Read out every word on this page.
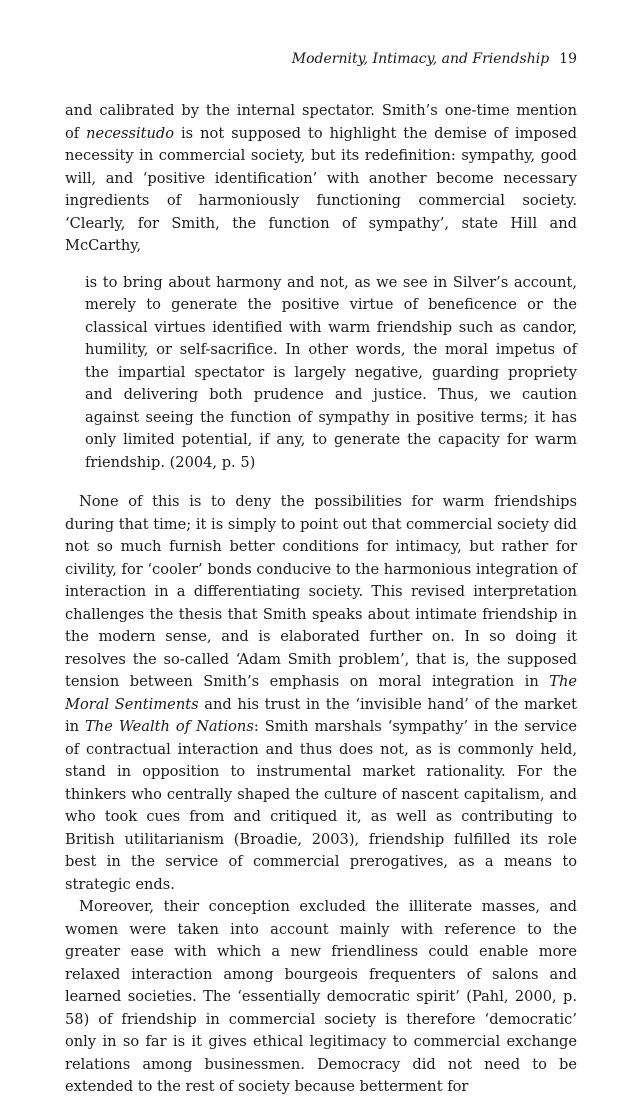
Modernity, Intimacy, and Friendship 19

and calibrated by the internal spectator. Smith’s one-time mention of necessitudo is not supposed to highlight the demise of imposed necessity in commercial society, but its redefinition: sympathy, good will, and ‘positive identification’ with another become necessary ingredients of harmoniously functioning commercial society. ‘Clearly, for Smith, the function of sympathy’, state Hill and McCarthy,

is to bring about harmony and not, as we see in Silver’s account, merely to generate the positive virtue of beneficence or the classical virtues identified with warm friendship such as candor, humility, or self-sacrifice. In other words, the moral impetus of the impartial spectator is largely negative, guarding propriety and delivering both prudence and justice. Thus, we caution against seeing the function of sympathy in positive terms; it has only limited potential, if any, to generate the capacity for warm friendship. (2004, p. 5)

None of this is to deny the possibilities for warm friendships during that time; it is simply to point out that commercial society did not so much furnish better conditions for intimacy, but rather for civility, for ‘cooler’ bonds conducive to the harmonious integration of interaction in a differentiating society. This revised interpretation challenges the thesis that Smith speaks about intimate friendship in the modern sense, and is elaborated further on. In so doing it resolves the so-called ‘Adam Smith problem’, that is, the supposed tension between Smith’s emphasis on moral integration in The Moral Sentiments and his trust in the ‘invisible hand’ of the market in The Wealth of Nations: Smith marshals ‘sympathy’ in the service of contractual interaction and thus does not, as is commonly held, stand in opposition to instrumental market rationality. For the thinkers who centrally shaped the culture of nascent capitalism, and who took cues from and critiqued it, as well as contributing to British utilitarianism (Broadie, 2003), friendship fulfilled its role best in the service of commercial prerogatives, as a means to strategic ends.

Moreover, their conception excluded the illiterate masses, and women were taken into account mainly with reference to the greater ease with which a new friendliness could enable more relaxed interaction among bourgeois frequenters of salons and learned societies. The ‘essentially democratic spirit’ (Pahl, 2000, p. 58) of friendship in commercial society is therefore ‘democratic’ only in so far is it gives ethical legitimacy to commercial exchange relations among businessmen. Democracy did not need to be extended to the rest of society because betterment for
